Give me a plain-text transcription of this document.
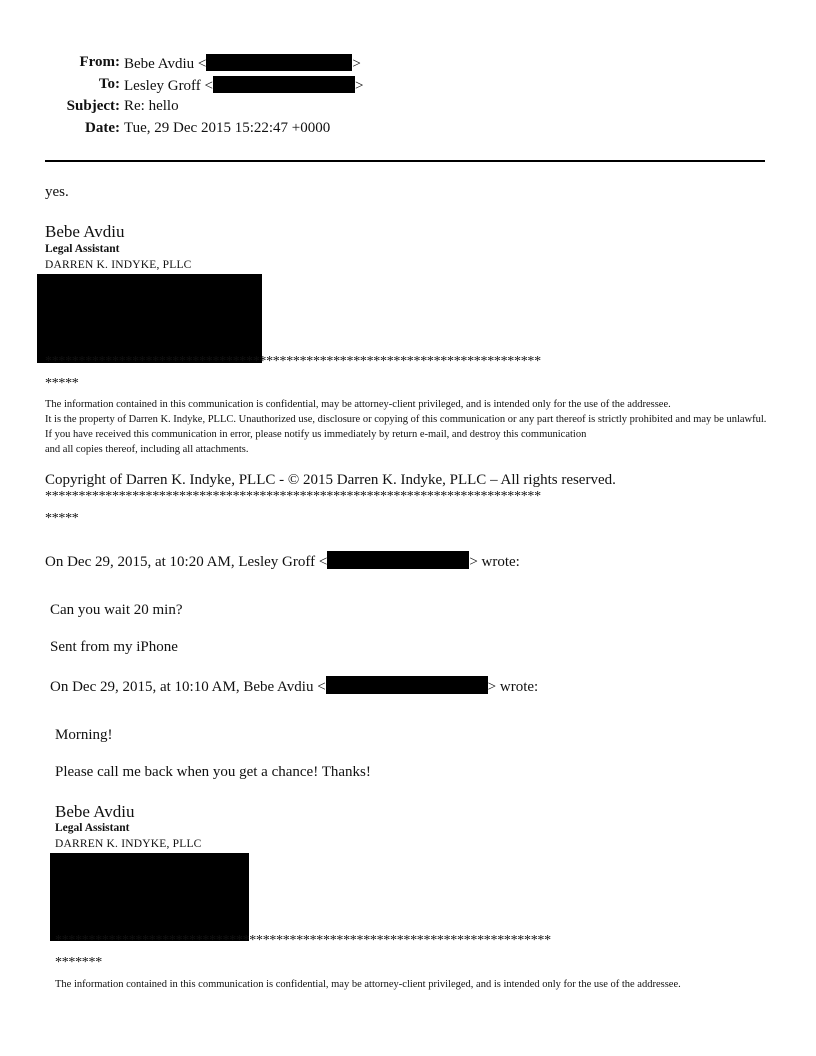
From: Bebe Avdiu <	>
To: Lesley Groff <	>
Subject: Re: hello
Date: Tue, 29 Dec 2015 15:22:47 +0000
yes.
Bebe Avdiu
Legal Assistant
DARREN K. INDYKE, PLLC
**************************************************************************
*****
The information contained in this communication is confidential, may be attorney-client privileged, and is intended only for the use of the addressee.
It is the property of Darren K. Indyke, PLLC. Unauthorized use, disclosure or copying of this communication or any part thereof is strictly prohibited and may be unlawful. If you have received this communication in error, please notify us immediately by return e-mail, and destroy this communication
and all copies thereof, including all attachments.
Copyright of Darren K. Indyke, PLLC - © 2015 Darren K. Indyke, PLLC – All rights reserved.
**************************************************************************
*****
On Dec 29, 2015, at 10:20 AM, Lesley Groff <	> wrote:
Can you wait 20 min?
Sent from my iPhone
On Dec 29, 2015, at 10:10 AM, Bebe Avdiu <	> wrote:
Morning!
Please call me back when you get a chance! Thanks!
Bebe Avdiu
Legal Assistant
DARREN K. INDYKE, PLLC
**************************************************************************
*******
The information contained in this communication is confidential, may be attorney-client privileged, and is intended only for the use of the addressee.
